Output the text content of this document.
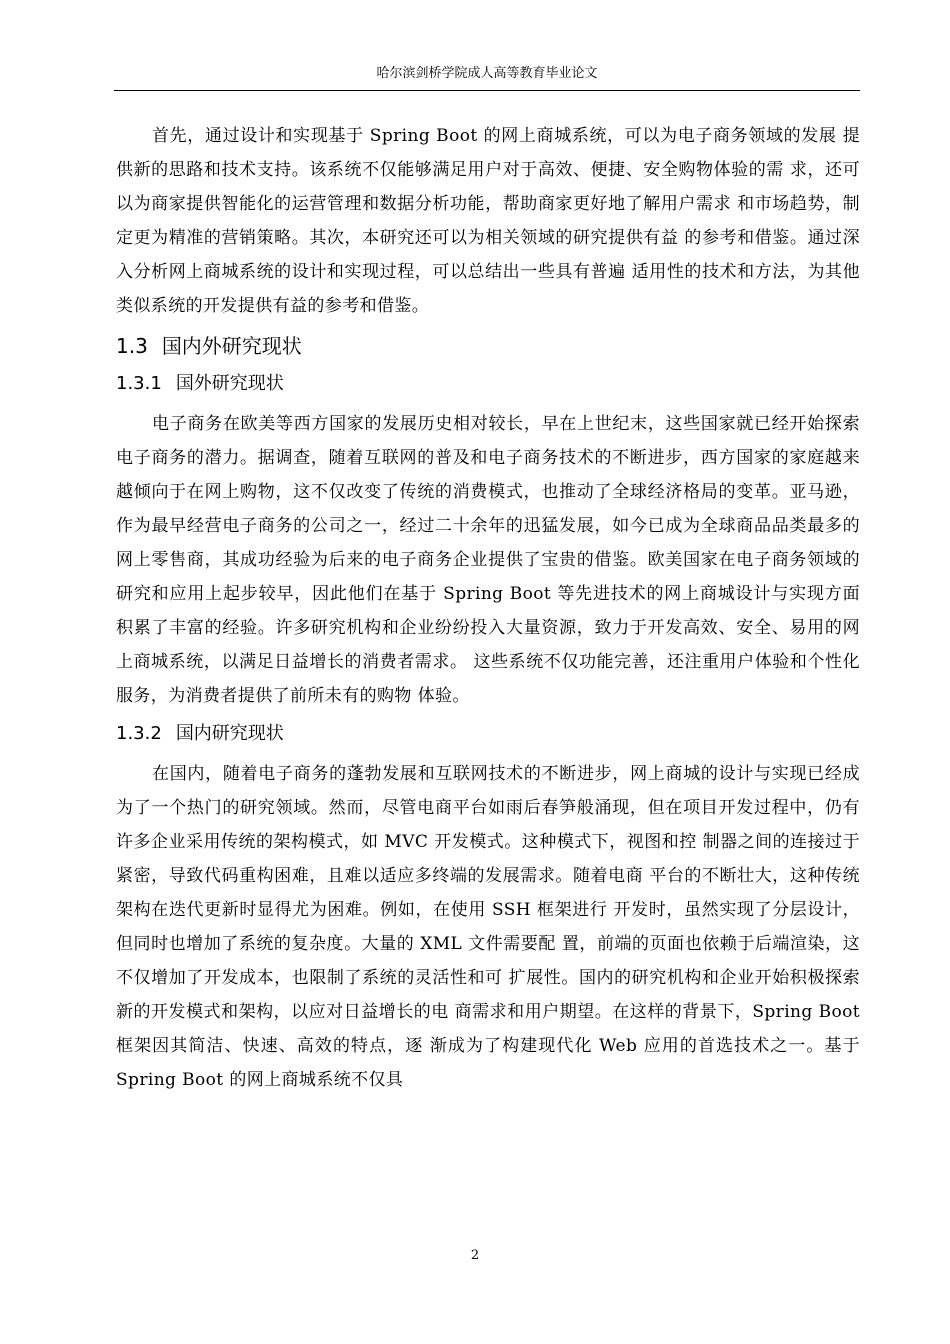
哈尔滨剑桥学院成人高等教育毕业论文

首先，通过设计和实现基于 Spring Boot 的网上商城系统，可以为电子商务领域的发展 提供新的思路和技术支持。该系统不仅能够满足用户对于高效、便捷、安全购物体验的需 求，还可以为商家提供智能化的运营管理和数据分析功能，帮助商家更好地了解用户需求 和市场趋势，制定更为精准的营销策略。其次，本研究还可以为相关领域的研究提供有益 的参考和借鉴。通过深入分析网上商城系统的设计和实现过程，可以总结出一些具有普遍 适用性的技术和方法，为其他类似系统的开发提供有益的参考和借鉴。

1.3 国内外研究现状
1.3.1 国外研究现状

电子商务在欧美等西方国家的发展历史相对较长，早在上世纪末，这些国家就已经开始探索电子商务的潜力。据调查，随着互联网的普及和电子商务技术的不断进步，西方国家的家庭越来越倾向于在网上购物，这不仅改变了传统的消费模式，也推动了全球经济格局的变革。亚马逊，作为最早经营电子商务的公司之一，经过二十余年的迅猛发展，如今已成为全球商品品类最多的网上零售商，其成功经验为后来的电子商务企业提供了宝贵的借鉴。欧美国家在电子商务领域的研究和应用上起步较早，因此他们在基于 Spring Boot 等先进技术的网上商城设计与实现方面积累了丰富的经验。许多研究机构和企业纷纷投入大量资源，致力于开发高效、安全、易用的网上商城系统，以满足日益增长的消费者需求。 这些系统不仅功能完善，还注重用户体验和个性化服务，为消费者提供了前所未有的购物 体验。

1.3.2 国内研究现状

在国内，随着电子商务的蓬勃发展和互联网技术的不断进步，网上商城的设计与实现已经成为了一个热门的研究领域。然而，尽管电商平台如雨后春笋般涌现，但在项目开发过程中，仍有许多企业采用传统的架构模式，如 MVC 开发模式。这种模式下，视图和控 制器之间的连接过于紧密，导致代码重构困难，且难以适应多终端的发展需求。随着电商 平台的不断壮大，这种传统架构在迭代更新时显得尤为困难。例如，在使用 SSH 框架进行 开发时，虽然实现了分层设计，但同时也增加了系统的复杂度。大量的 XML 文件需要配 置，前端的页面也依赖于后端渲染，这不仅增加了开发成本，也限制了系统的灵活性和可 扩展性。国内的研究机构和企业开始积极探索新的开发模式和架构，以应对日益增长的电 商需求和用户期望。在这样的背景下，Spring Boot 框架因其简洁、快速、高效的特点，逐 渐成为了构建现代化 Web 应用的首选技术之一。基于 Spring Boot 的网上商城系统不仅具

2
